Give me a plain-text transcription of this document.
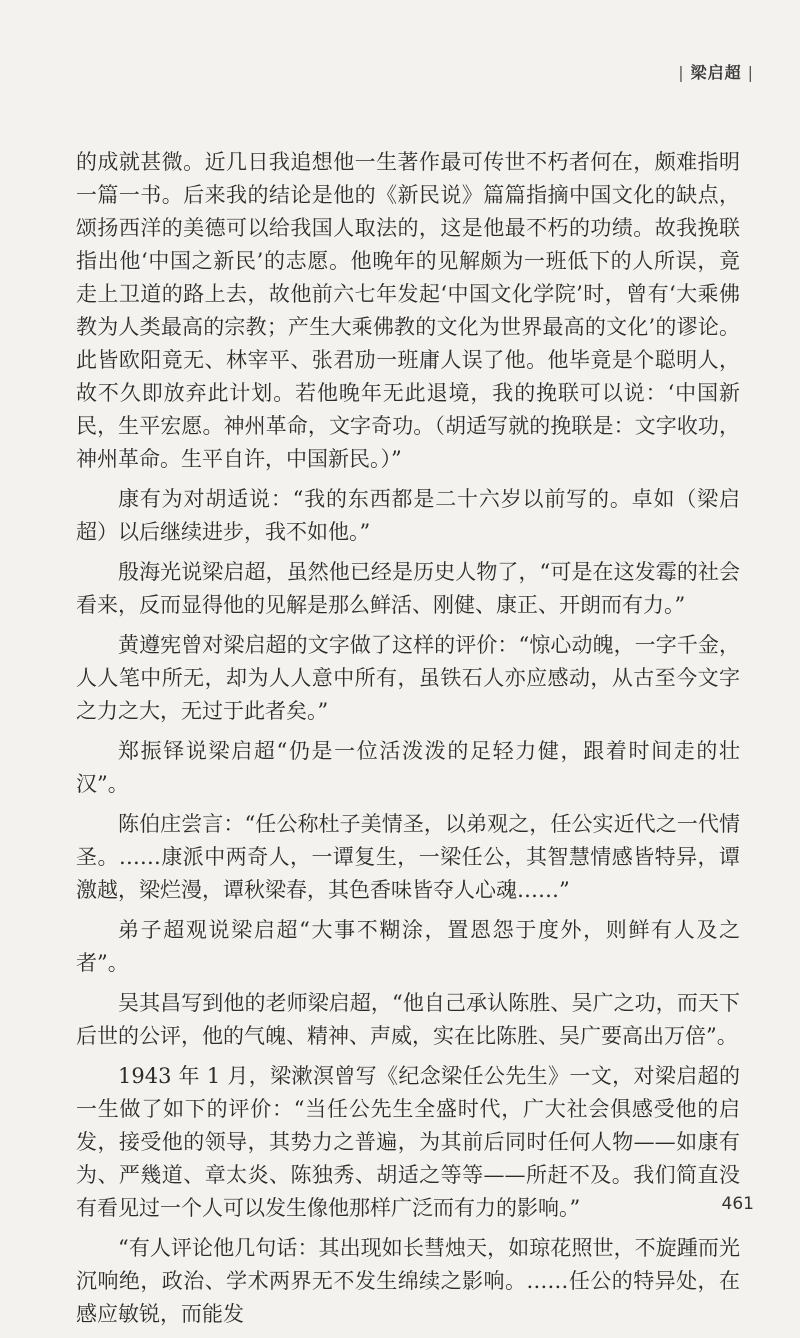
| 梁启超 |

的成就甚微。近几日我追想他一生著作最可传世不朽者何在，颇难指明一篇一书。后来我的结论是他的《新民说》篇篇指摘中国文化的缺点，颂扬西洋的美德可以给我国人取法的，这是他最不朽的功绩。故我挽联指出他‘中国之新民’的志愿。他晚年的见解颇为一班低下的人所误，竟走上卫道的路上去，故他前六七年发起‘中国文化学院’时，曾有‘大乘佛教为人类最高的宗教；产生大乘佛教的文化为世界最高的文化’的谬论。此皆欧阳竟无、林宰平、张君劢一班庸人误了他。他毕竟是个聪明人，故不久即放弃此计划。若他晚年无此退境，我的挽联可以说：‘中国新民，生平宏愿。神州革命，文字奇功。（胡适写就的挽联是：文字收功，神州革命。生平自许，中国新民。）”

康有为对胡适说：“我的东西都是二十六岁以前写的。卓如（梁启超）以后继续进步，我不如他。”

殷海光说梁启超，虽然他已经是历史人物了，“可是在这发霉的社会看来，反而显得他的见解是那么鲜活、刚健、康正、开朗而有力。”

黄遵宪曾对梁启超的文字做了这样的评价：“惊心动魄，一字千金，人人笔中所无，却为人人意中所有，虽铁石人亦应感动，从古至今文字之力之大，无过于此者矣。”

郑振铎说梁启超“仍是一位活泼泼的足轻力健，跟着时间走的壮汉”。

陈伯庄尝言：“任公称杜子美情圣，以弟观之，任公实近代之一代情圣。……康派中两奇人，一谭复生，一梁任公，其智慧情感皆特异，谭激越，梁烂漫，谭秋梁春，其色香味皆夺人心魂……”

弟子超观说梁启超“大事不糊涂，置恩怨于度外，则鲜有人及之者”。

吴其昌写到他的老师梁启超，“他自己承认陈胜、吴广之功，而天下后世的公评，他的气魄、精神、声威，实在比陈胜、吴广要高出万倍”。

1943 年 1 月，梁漱溟曾写《纪念梁任公先生》一文，对梁启超的一生做了如下的评价：“当任公先生全盛时代，广大社会俱感受他的启发，接受他的领导，其势力之普遍，为其前后同时任何人物——如康有为、严幾道、章太炎、陈独秀、胡适之等等——所赶不及。我们简直没有看见过一个人可以发生像他那样广泛而有力的影响。”

“有人评论他几句话：其出现如长彗烛天，如琼花照世，不旋踵而光沉响绝，政治、学术两界无不发生绵续之影响。……任公的特异处，在感应敏锐，而能发

461
